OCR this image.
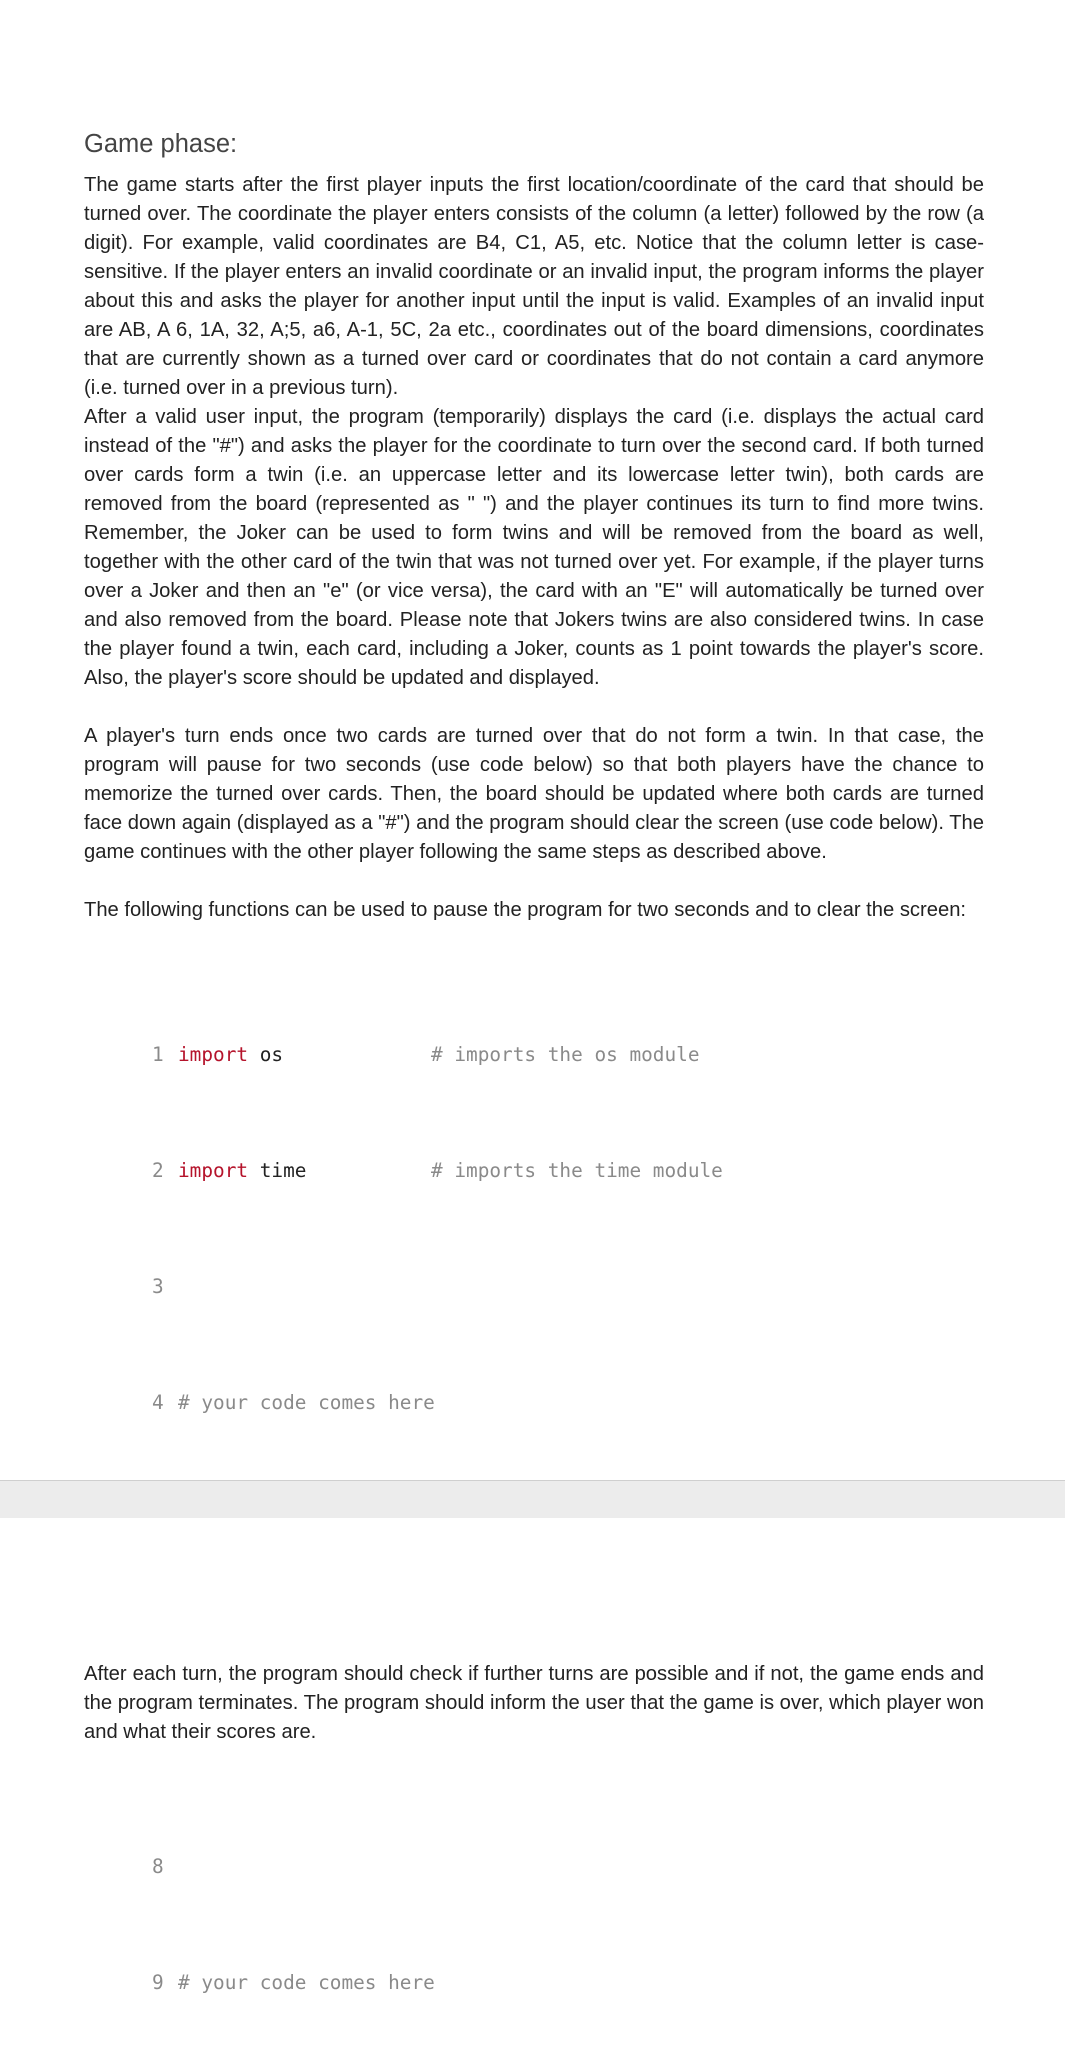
Game phase:

The game starts after the first player inputs the first location/coordinate of the card that should be turned over. The coordinate the player enters consists of the column (a letter) followed by the row (a digit). For example, valid coordinates are B4, C1, A5, etc. Notice that the column letter is case-sensitive. If the player enters an invalid coordinate or an invalid input, the program informs the player about this and asks the player for another input until the input is valid. Examples of an invalid input are AB, A 6, 1A, 32, A;5, a6, A-1, 5C, 2a etc., coordinates out of the board dimensions, coordinates that are currently shown as a turned over card or coordinates that do not contain a card anymore (i.e. turned over in a previous turn).

After a valid user input, the program (temporarily) displays the card (i.e. displays the actual card instead of the "#") and asks the player for the coordinate to turn over the second card. If both turned over cards form a twin (i.e. an uppercase letter and its lowercase letter twin), both cards are removed from the board (represented as " ") and the player continues its turn to find more twins. Remember, the Joker can be used to form twins and will be removed from the board as well, together with the other card of the twin that was not turned over yet. For example, if the player turns over a Joker and then an "e" (or vice versa), the card with an "E" will automatically be turned over and also removed from the board. Please note that Jokers twins are also considered twins. In case the player found a twin, each card, including a Joker, counts as 1 point towards the player's score. Also, the player's score should be updated and displayed.

A player's turn ends once two cards are turned over that do not form a twin. In that case, the program will pause for two seconds (use code below) so that both players have the chance to memorize the turned over cards. Then, the board should be updated where both cards are turned face down again (displayed as a "#") and the program should clear the screen (use code below). The game continues with the other player following the same steps as described above.

The following functions can be used to pause the program for two seconds and to clear the screen:

1 import os	# imports the os module

2 import time	# imports the time module

3

4 # your code comes here

8

9 # your code comes here

After each turn, the program should check if further turns are possible and if not, the game ends and the program terminates. The program should inform the user that the game is over, which player won and what their scores are.
